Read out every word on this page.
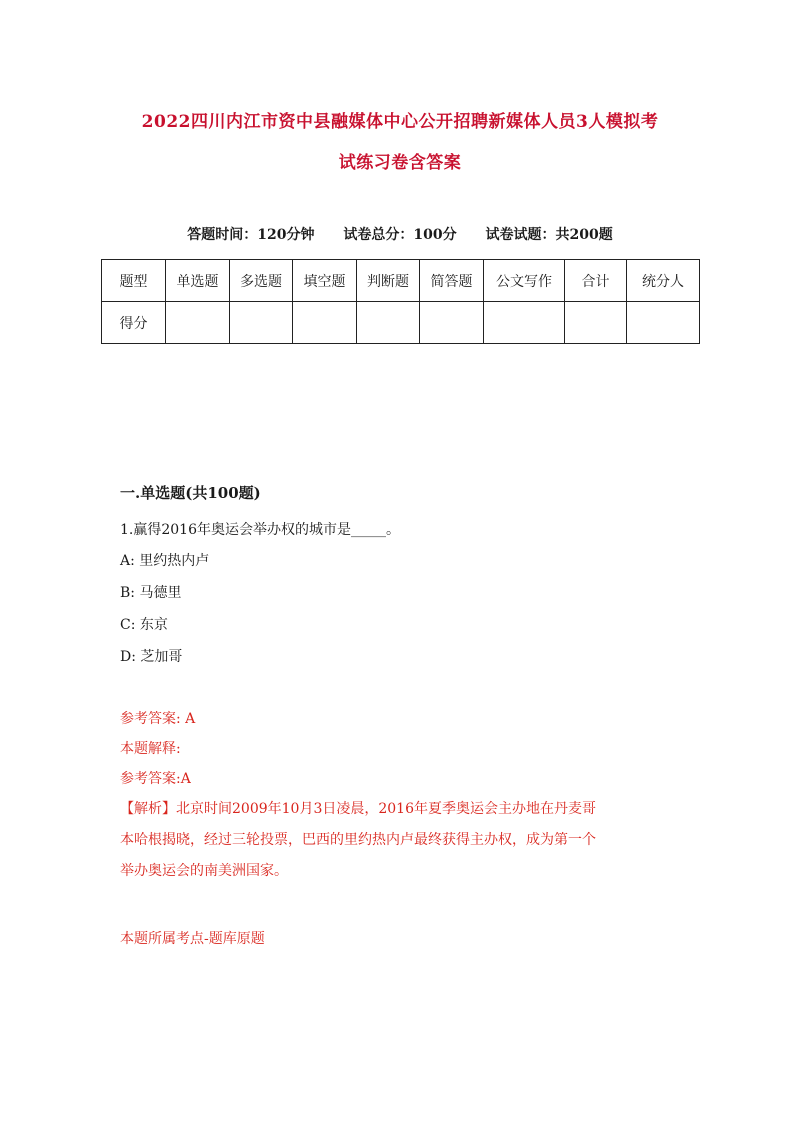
2022四川内江市资中县融媒体中心公开招聘新媒体人员3人模拟考
试练习卷含答案
答题时间：120分钟 试卷总分：100分 试卷试题：共200题
题型	单选题	多选题	填空题	判断题	简答题	公文写作	合计	统分人
得分								
一.单选题(共100题)
1.赢得2016年奥运会举办权的城市是_____。
A: 里约热内卢
B: 马德里
C: 东京
D: 芝加哥
参考答案: A
本题解释:
参考答案:A
【解析】北京时间2009年10月3日凌晨，2016年夏季奥运会主办地在丹麦哥
本哈根揭晓，经过三轮投票，巴西的里约热内卢最终获得主办权，成为第一个
举办奥运会的南美洲国家。
本题所属考点-题库原题
